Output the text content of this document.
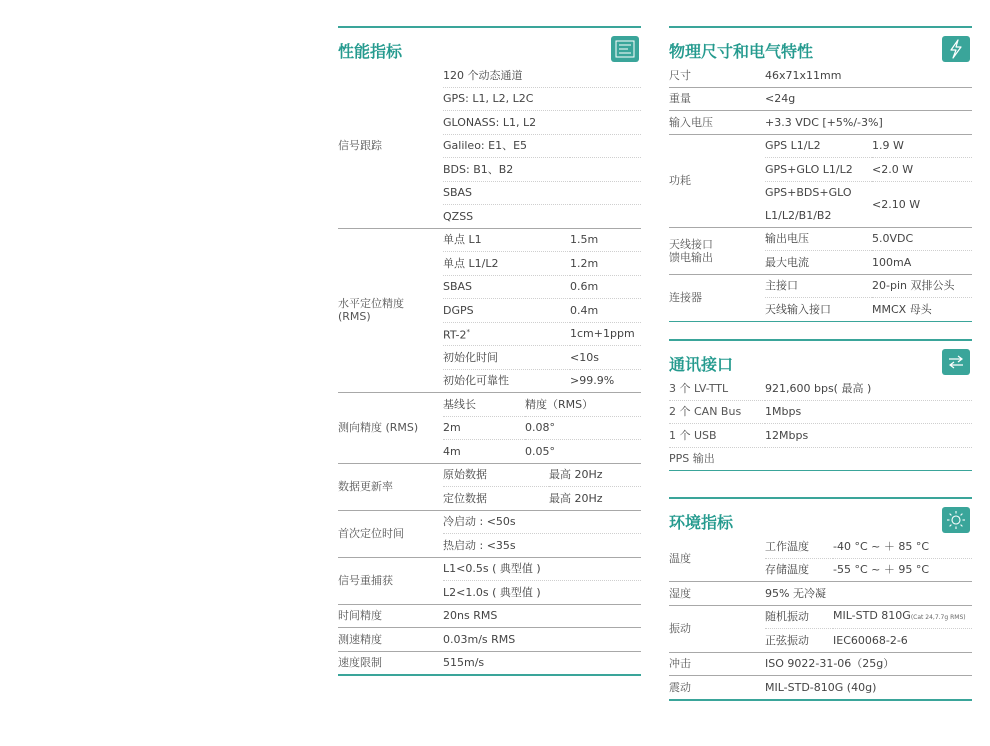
性能指标
信号跟踪	120 个动态通道	
	GPS: L1, L2, L2C	
	GLONASS: L1, L2	
	Galileo: E1、E5	
	BDS: B1、B2	
	SBAS	
	QZSS	
水平定位精度
(RMS)	单点 L1	1.5m
	单点 L1/L2	1.2m
	SBAS	0.6m
	DGPS	0.4m
	RT-2*	1cm+1ppm
	初始化时间	<10s
	初始化可靠性	>99.9%
测向精度 (RMS)	基线长	精度（RMS）
	2m	0.08°
	4m	0.05°
数据更新率	原始数据	最高 20Hz
	定位数据	最高 20Hz
首次定位时间	冷启动 : <50s
	热启动 : <35s
信号重捕获	L1<0.5s ( 典型值 )
	L2<1.0s ( 典型值 )
时间精度	20ns RMS
测速精度	0.03m/s RMS
速度限制	515m/s
物理尺寸和电气特性
尺寸	46x71x11mm	
重量	<24g	
输入电压	+3.3 VDC [+5%/-3%]	
功耗	GPS L1/L2	1.9 W
	GPS+GLO L1/L2	<2.0 W
	GPS+BDS+GLO	<2.10 W
	L1/L2/B1/B2	
天线接口
馈电输出	输出电压	5.0VDC
	最大电流	100mA
连接器	主接口	20-pin 双排公头
	天线输入接口	MMCX 母头
通讯接口
3 个 LV-TTL	921,600 bps( 最高 )
2 个 CAN Bus	1Mbps
1 个 USB	12Mbps
PPS 输出	
环境指标
温度	工作温度	-40 °C ~ ＋ 85 °C
	存储温度	-55 °C ~ ＋ 95 °C
湿度	95% 无冷凝	
振动	随机振动	MIL-STD 810G(Cat 24,7.7g RMS)
	正弦振动	IEC60068-2-6
冲击	ISO 9022-31-06（25g）	
震动	MIL-STD-810G (40g)	
